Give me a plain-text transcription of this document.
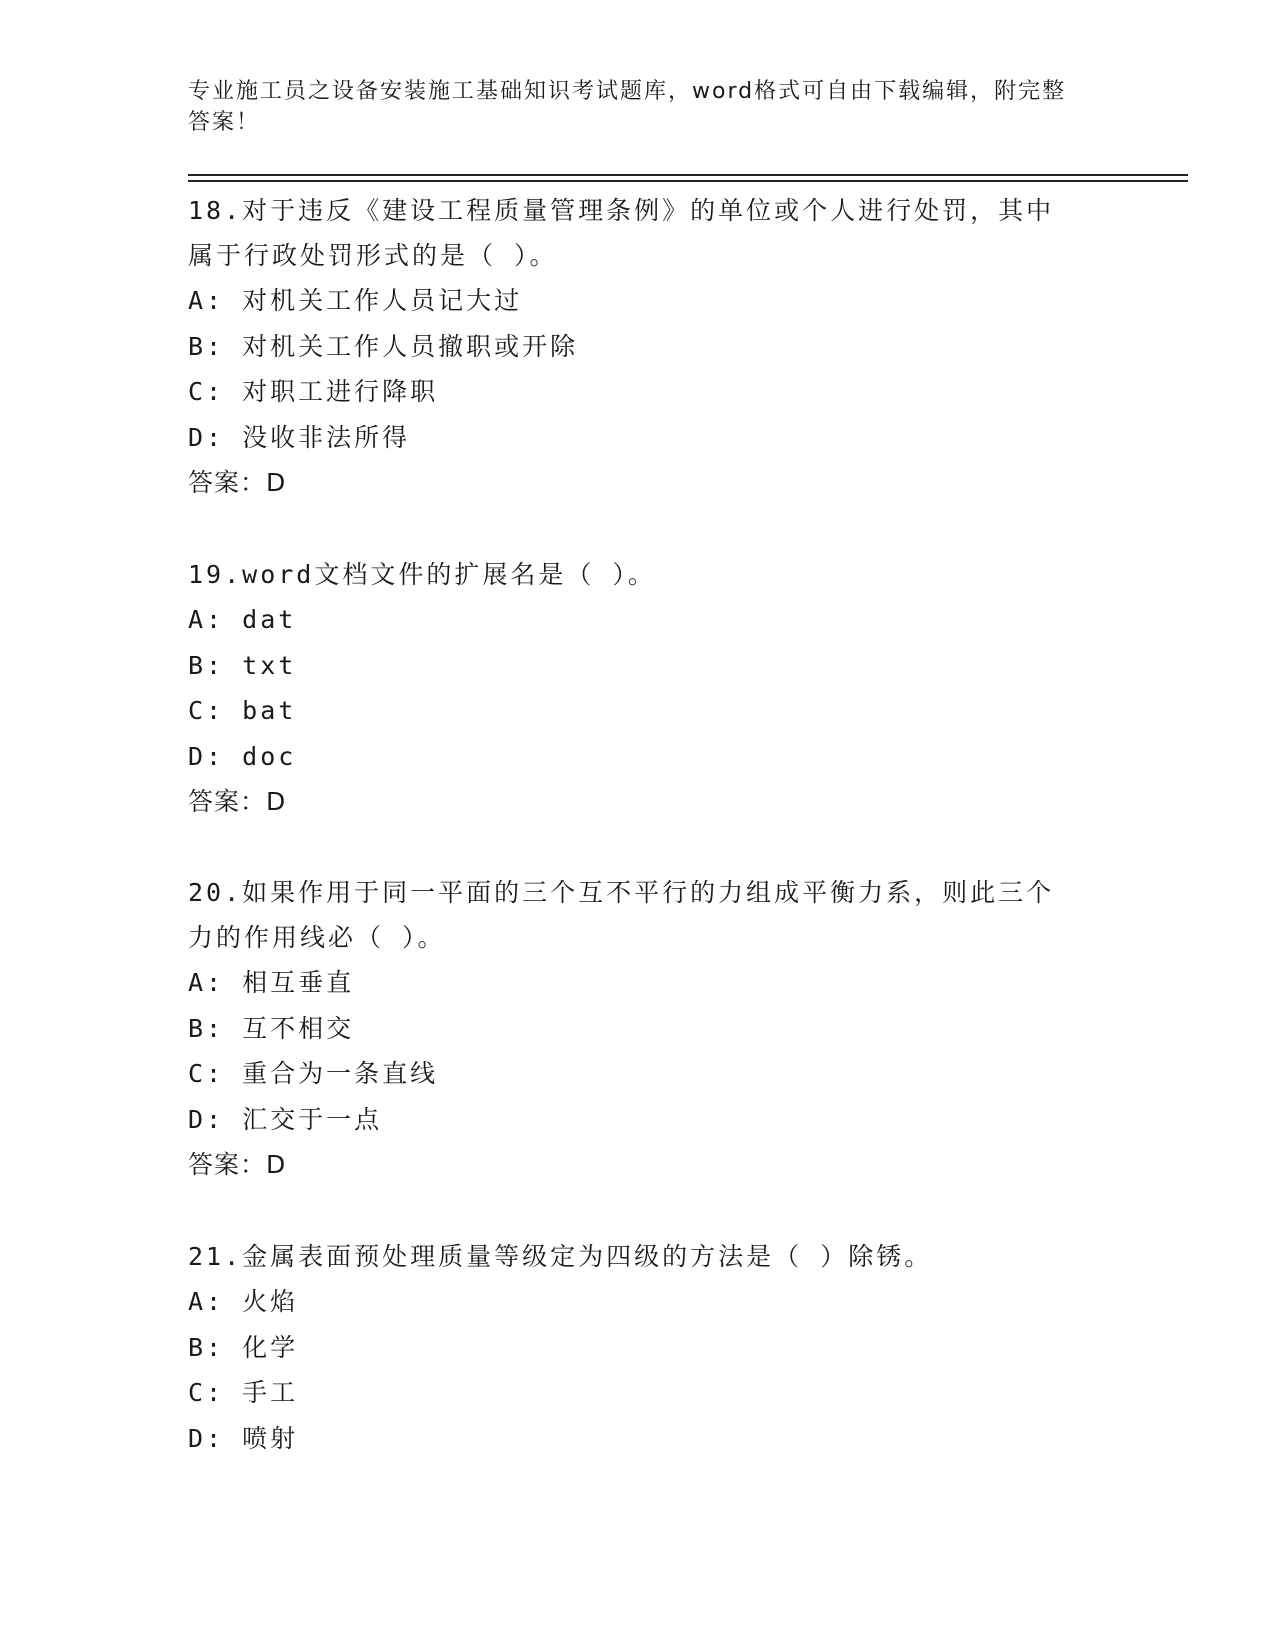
专业施工员之设备安装施工基础知识考试题库，word格式可自由下载编辑，附完整答案！
18.对于违反《建设工程质量管理条例》的单位或个人进行处罚，其中
属于行政处罚形式的是（ ）。
A: 对机关工作人员记大过
B: 对机关工作人员撤职或开除
C: 对职工进行降职
D: 没收非法所得
答案：D
19.word文档文件的扩展名是（ ）。
A: dat
B: txt
C: bat
D: doc
答案：D
20.如果作用于同一平面的三个互不平行的力组成平衡力系，则此三个
力的作用线必（ ）。
A: 相互垂直
B: 互不相交
C: 重合为一条直线
D: 汇交于一点
答案：D
21.金属表面预处理质量等级定为四级的方法是（ ）除锈。
A: 火焰
B: 化学
C: 手工
D: 喷射
